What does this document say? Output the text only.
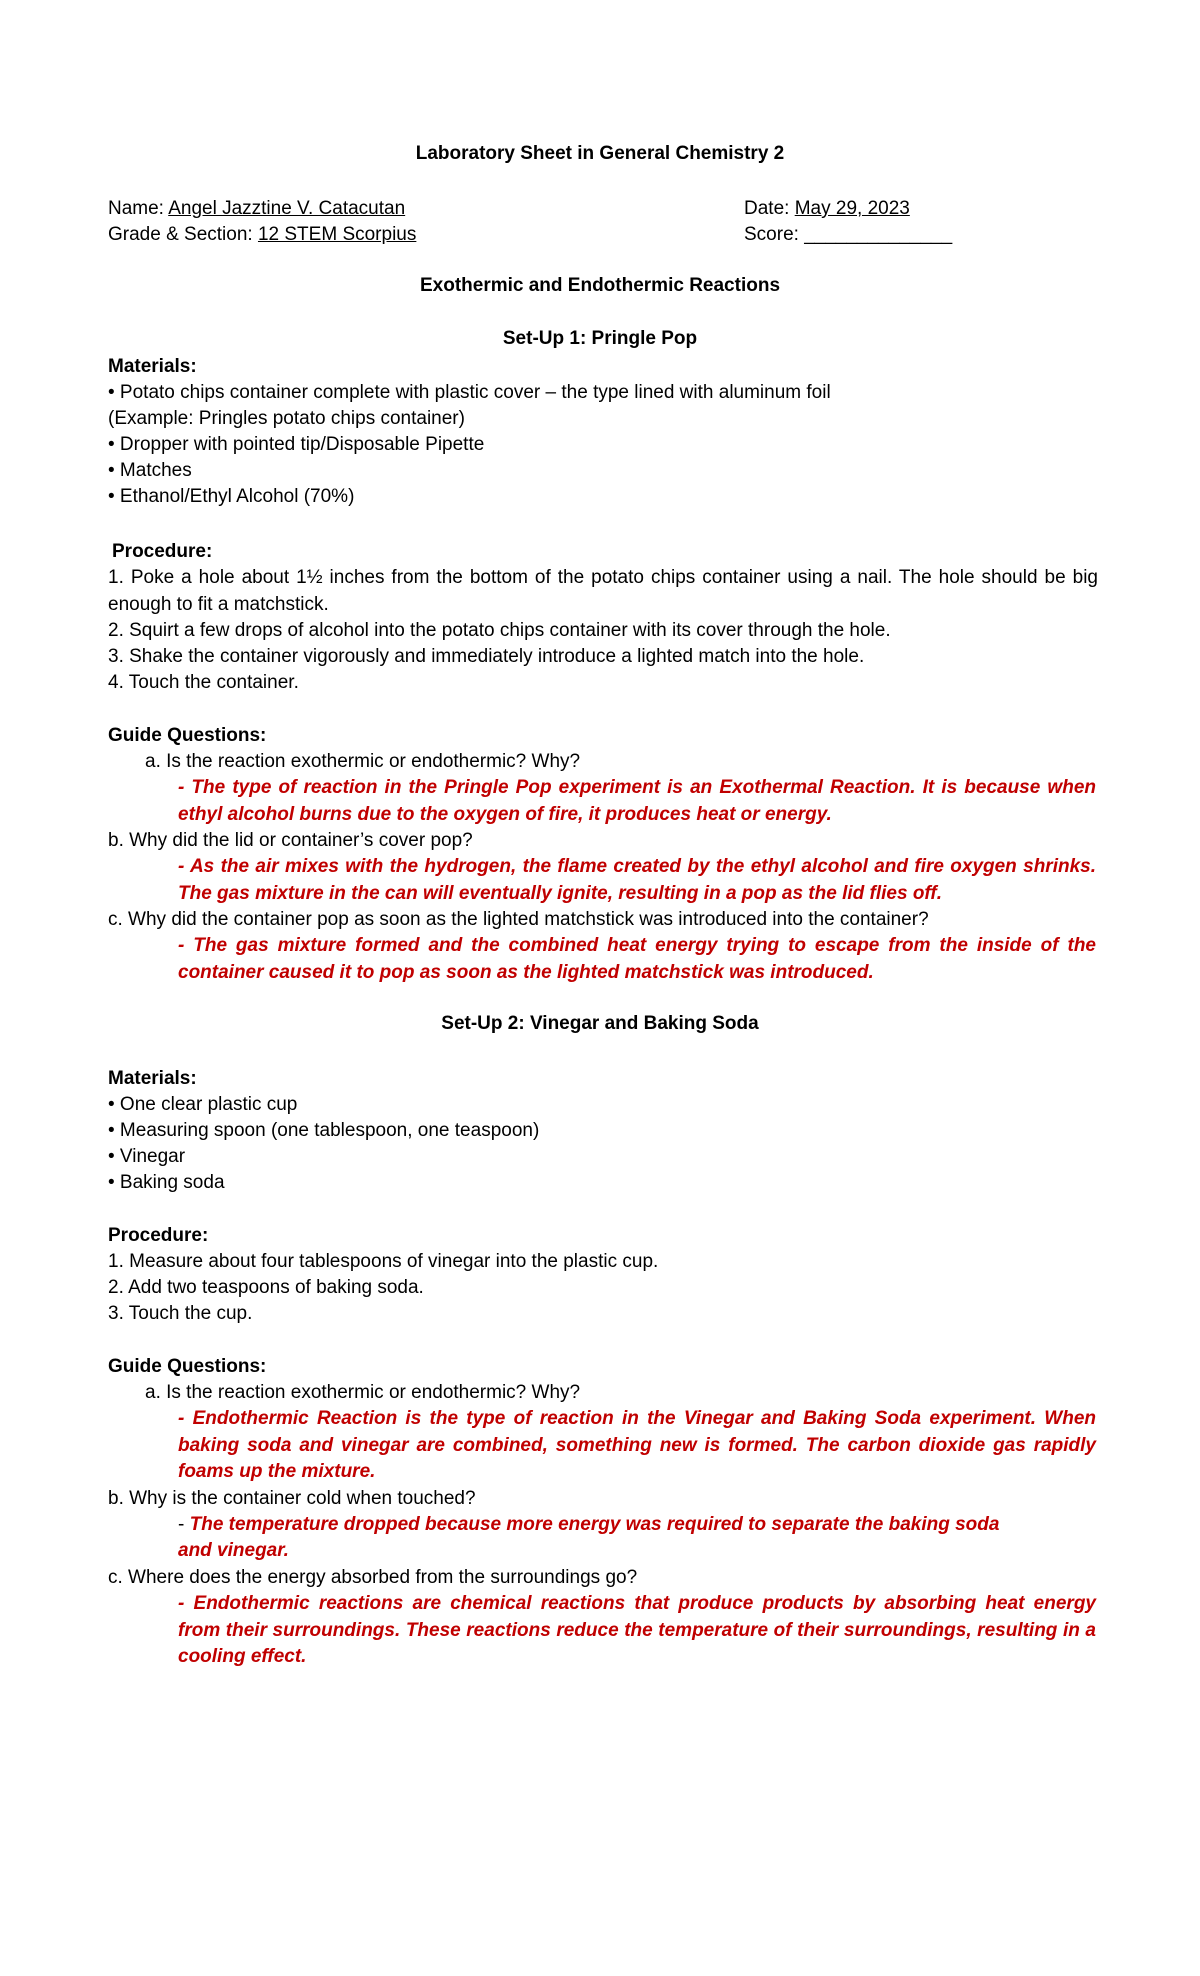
Laboratory Sheet in General Chemistry 2
Name: Angel Jazztine V. Catacutan	Date: May 29, 2023
Grade & Section: 12 STEM Scorpius	Score: ______________
Exothermic and Endothermic Reactions
Set-Up 1: Pringle Pop
Materials:
• Potato chips container complete with plastic cover – the type lined with aluminum foil
(Example: Pringles potato chips container)
• Dropper with pointed tip/Disposable Pipette
• Matches
• Ethanol/Ethyl Alcohol (70%)
Procedure:
1. Poke a hole about 1½ inches from the bottom of the potato chips container using a nail. The hole should be big enough to fit a matchstick.
2. Squirt a few drops of alcohol into the potato chips container with its cover through the hole.
3. Shake the container vigorously and immediately introduce a lighted match into the hole.
4. Touch the container.
Guide Questions:
a. Is the reaction exothermic or endothermic? Why?
- The type of reaction in the Pringle Pop experiment is an Exothermal Reaction. It is because when ethyl alcohol burns due to the oxygen of fire, it produces heat or energy.
b. Why did the lid or container’s cover pop?
- As the air mixes with the hydrogen, the flame created by the ethyl alcohol and fire oxygen shrinks. The gas mixture in the can will eventually ignite, resulting in a pop as the lid flies off.
c. Why did the container pop as soon as the lighted matchstick was introduced into the container?
- The gas mixture formed and the combined heat energy trying to escape from the inside of the container caused it to pop as soon as the lighted matchstick was introduced.
Set-Up 2: Vinegar and Baking Soda
Materials:
• One clear plastic cup
• Measuring spoon (one tablespoon, one teaspoon)
• Vinegar
• Baking soda
Procedure:
1. Measure about four tablespoons of vinegar into the plastic cup.
2. Add two teaspoons of baking soda.
3. Touch the cup.
Guide Questions:
a. Is the reaction exothermic or endothermic? Why?
- Endothermic Reaction is the type of reaction in the Vinegar and Baking Soda experiment. When baking soda and vinegar are combined, something new is formed. The carbon dioxide gas rapidly foams up the mixture.
b. Why is the container cold when touched?
- The temperature dropped because more energy was required to separate the baking soda
and vinegar.
c. Where does the energy absorbed from the surroundings go?
- Endothermic reactions are chemical reactions that produce products by absorbing heat energy from their surroundings. These reactions reduce the temperature of their surroundings, resulting in a cooling effect.
